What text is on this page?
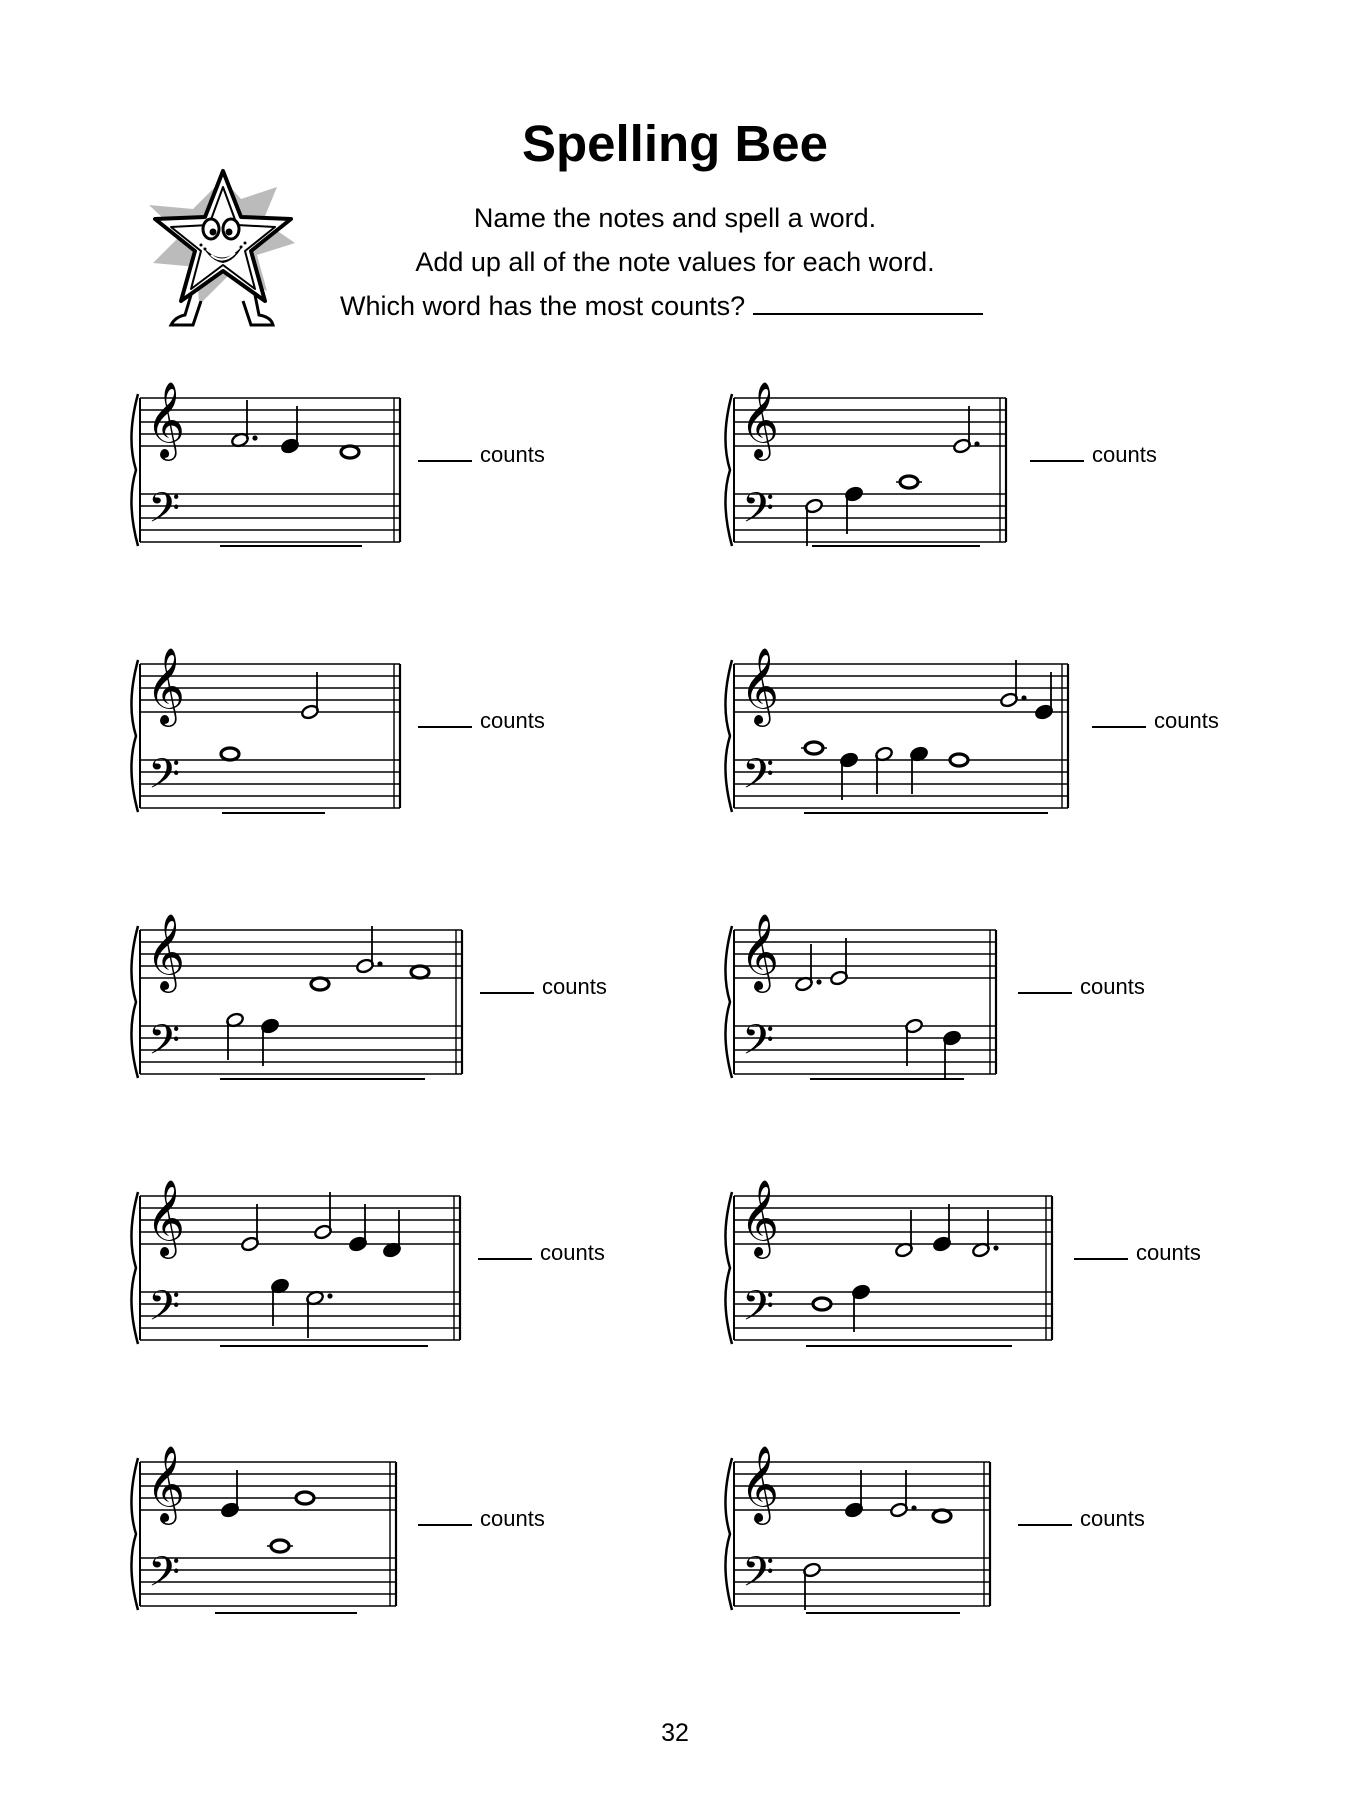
Spelling Bee
Name the notes and spell a word.
Add up all of the note values for each word.
Which word has the most counts?
𝄞
𝄢
counts	𝄞
𝄢
counts
𝄞
𝄢
counts	𝄞
𝄢
counts
𝄞
𝄢
counts 𝄞
𝄢
counts
𝄞
𝄢
counts 𝄞
𝄢
counts
𝄞
𝄢
counts	𝄞
𝄢
counts
32
